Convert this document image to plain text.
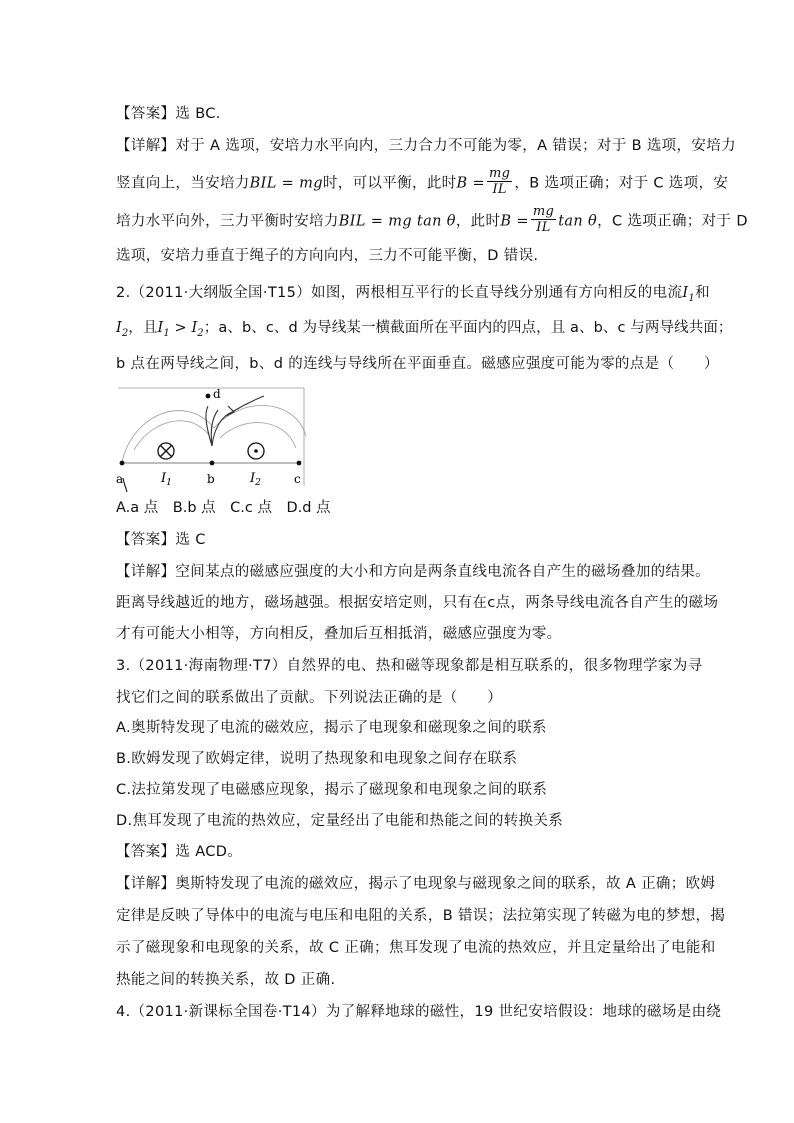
【答案】选 BC.
【详解】对于 A 选项，安培力水平向内，三力合力不可能为零，A 错误；对于 B 选项，安培力
竖直向上，当安培力BIL = mg时，可以平衡，此时$B = \frac{mg}{IL}$ ，B 选项正确；对于 C 选项，安
培力水平向外，三力平衡时安培力BIL = mg tan θ，此时$B = \frac{mg}{IL}$ tan θ，C 选项正确；对于 D
选项，安培力垂直于绳子的方向向内，三力不可能平衡，D 错误.
2.（2011·大纲版全国·T15）如图，两根相互平行的长直导线分别通有方向相反的电流$I_1$和
$I_2$，且$I_1 > I_2$；a、b、c、d 为导线某一横截面所在平面内的四点，且 a、b、c 与两导线共面；
b 点在两导线之间，b、d 的连线与导线所在平面垂直。磁感应强度可能为零的点是（　　）
a	b	c
d
$I_1$	$I_2$
A.a 点　B.b 点　C.c 点　D.d 点
【答案】选 C
【详解】空间某点的磁感应强度的大小和方向是两条直线电流各自产生的磁场叠加的结果。
距离导线越近的地方，磁场越强。根据安培定则，只有在c点，两条导线电流各自产生的磁场
才有可能大小相等，方向相反，叠加后互相抵消，磁感应强度为零。
3.（2011·海南物理·T7）自然界的电、热和磁等现象都是相互联系的，很多物理学家为寻
找它们之间的联系做出了贡献。下列说法正确的是（　　）
A.奥斯特发现了电流的磁效应，揭示了电现象和磁现象之间的联系
B.欧姆发现了欧姆定律，说明了热现象和电现象之间存在联系
C.法拉第发现了电磁感应现象，揭示了磁现象和电现象之间的联系
D.焦耳发现了电流的热效应，定量经出了电能和热能之间的转换关系
【答案】选 ACD。
【详解】奥斯特发现了电流的磁效应，揭示了电现象与磁现象之间的联系，故 A 正确；欧姆
定律是反映了导体中的电流与电压和电阻的关系，B 错误；法拉第实现了转磁为电的梦想，揭
示了磁现象和电现象的关系，故 C 正确；焦耳发现了电流的热效应，并且定量给出了电能和
热能之间的转换关系，故 D 正确.
4.（2011·新课标全国卷·T14）为了解释地球的磁性，19 世纪安培假设：地球的磁场是由绕
